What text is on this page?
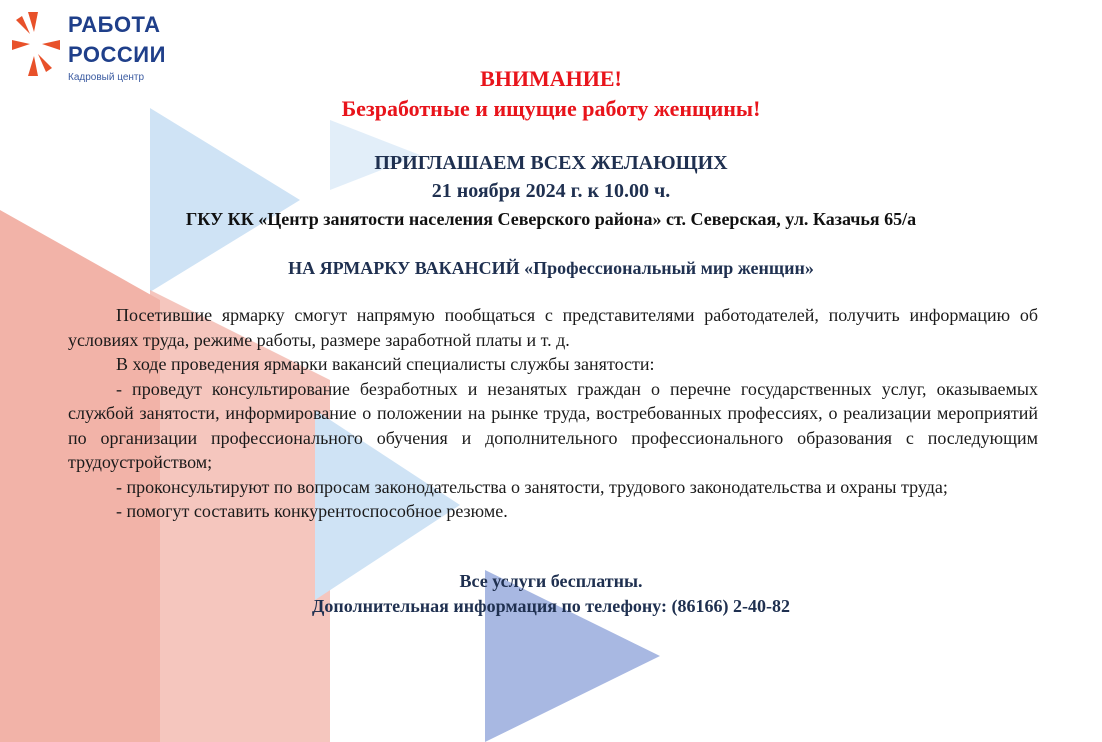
РАБОТА
РОССИИ
Кадровый центр	ВНИМАНИЕ!
Безработные и ищущие работу женщины!
ПРИГЛАШАЕМ ВСЕХ ЖЕЛАЮЩИХ
21 ноября 2024 г. к 10.00 ч.
ГКУ КК «Центр занятости населения Северского района» ст. Северская, ул. Казачья 65/а
НА ЯРМАРКУ ВАКАНСИЙ «Профессиональный мир женщин»

Посетившие ярмарку смогут напрямую пообщаться с представителями работодателей, получить информацию об условиях труда, режиме работы, размере заработной платы и т. д.

В ходе проведения ярмарки вакансий специалисты службы занятости:

- проведут консультирование безработных и незанятых граждан о перечне государственных услуг, оказываемых службой занятости, информирование о положении на рынке труда, востребованных профессиях, о реализации мероприятий по организации профессионального обучения и дополнительного профессионального образования с последующим трудоустройством;

- проконсультируют по вопросам законодательства о занятости, трудового законодательства и охраны труда;

- помогут составить конкурентоспособное резюме.

Все услуги бесплатны.
Дополнительная информация по телефону: (86166) 2-40-82
